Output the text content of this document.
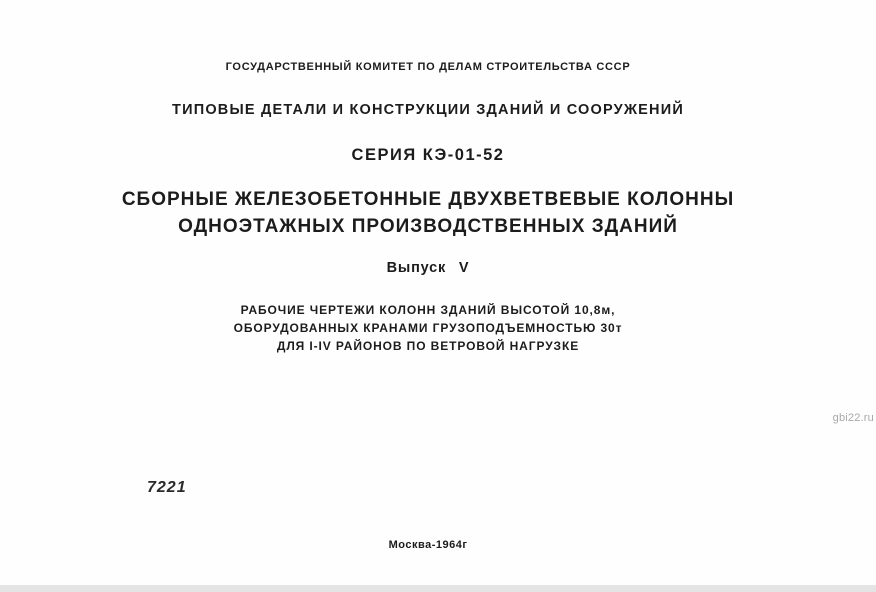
ГОСУДАРСТВЕННЫЙ КОМИТЕТ ПО ДЕЛАМ СТРОИТЕЛЬСТВА СССР
ТИПОВЫЕ ДЕТАЛИ И КОНСТРУКЦИИ ЗДАНИЙ И СООРУЖЕНИЙ
СЕРИЯ КЭ-01-52
СБОРНЫЕ ЖЕЛЕЗОБЕТОННЫЕ ДВУХВЕТВЕВЫЕ КОЛОННЫ
ОДНОЭТАЖНЫХ ПРОИЗВОДСТВЕННЫХ ЗДАНИЙ
Выпуск V
РАБОЧИЕ ЧЕРТЕЖИ КОЛОНН ЗДАНИЙ ВЫСОТОЙ 10,8м,
ОБОРУДОВАННЫХ КРАНАМИ ГРУЗОПОДЪЕМНОСТЬЮ 30т
ДЛЯ I-IV РАЙОНОВ ПО ВЕТРОВОЙ НАГРУЗКЕ
gbi22.ru
7221
Москва-1964г
